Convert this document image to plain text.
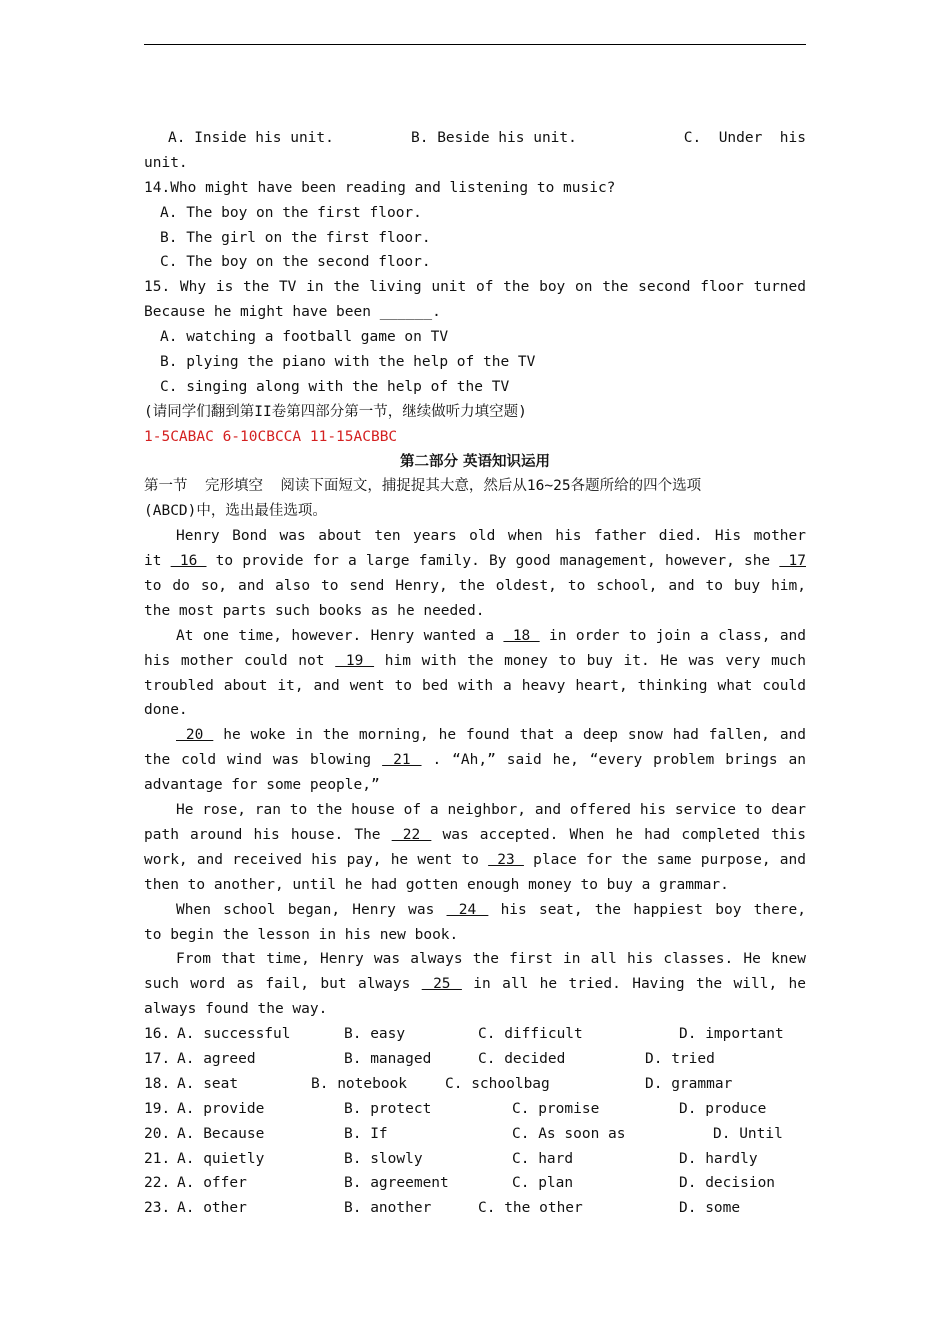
A. Inside his unit.	B. Beside his unit.	C.  Under  his
unit.
14.Who might have been reading and listening to music?
A. The boy on the first floor.
B. The girl on the first floor.
C. The boy on the second floor.
15. Why is the TV in the living unit of the boy on the second floor turned
Because he might have been ______.
A. watching a football game on TV
B. plying the piano with the help of the TV
C. singing along with the help of the TV
(请同学们翻到第II卷第四部分第一节，继续做听力填空题)
1-5CABAC 6-10CBCCA 11-15ACBBC
第二部分 英语知识运用
第一节  完形填空  阅读下面短文，捕捉捉其大意，然后从16~25各题所给的四个选项
(ABCD)中，选出最佳选项。
Henry Bond was about ten years old when his father died. His mother
it  16  to provide for a large family. By good management, however, she  17
to do so, and also to send Henry, the oldest, to school, and to buy him,
the most parts such books as he needed.
At one time, however. Henry wanted a  18  in order to join a class, and
his mother could not  19  him with the money to buy it. He was very much
troubled about it, and went to bed with a heavy heart, thinking what could
done.
20  he woke in the morning, he found that a deep snow had fallen, and
the cold wind was blowing  21  . “Ah,” said he, “every problem brings an
advantage for some people,”
He rose, ran to the house of a neighbor, and offered his service to dear
path around his house. The  22  was accepted. When he had completed this
work, and received his pay, he went to  23  place for the same purpose, and
then to another, until he had gotten enough money to buy a grammar.
When school began, Henry was  24  his seat, the happiest boy there,
to begin the lesson in his new book.
From that time, Henry was always the first in all his classes. He knew
such word as fail, but always  25  in all he tried. Having the will, he
always found the way.
16. A. successful	B. easy	C. difficult	D. important
17. A. agreed	B. managed	C. decided	D. tried
18. A. seat	B. notebook	C. schoolbag	D. grammar
19. A. provide	B. protect	C. promise	D. produce
20. A. Because	B. If	C. As soon as	D. Until
21. A. quietly	B. slowly	C. hard	D. hardly
22. A. offer	B. agreement	C. plan	D. decision
23. A. other	B. another	C. the other	D. some
